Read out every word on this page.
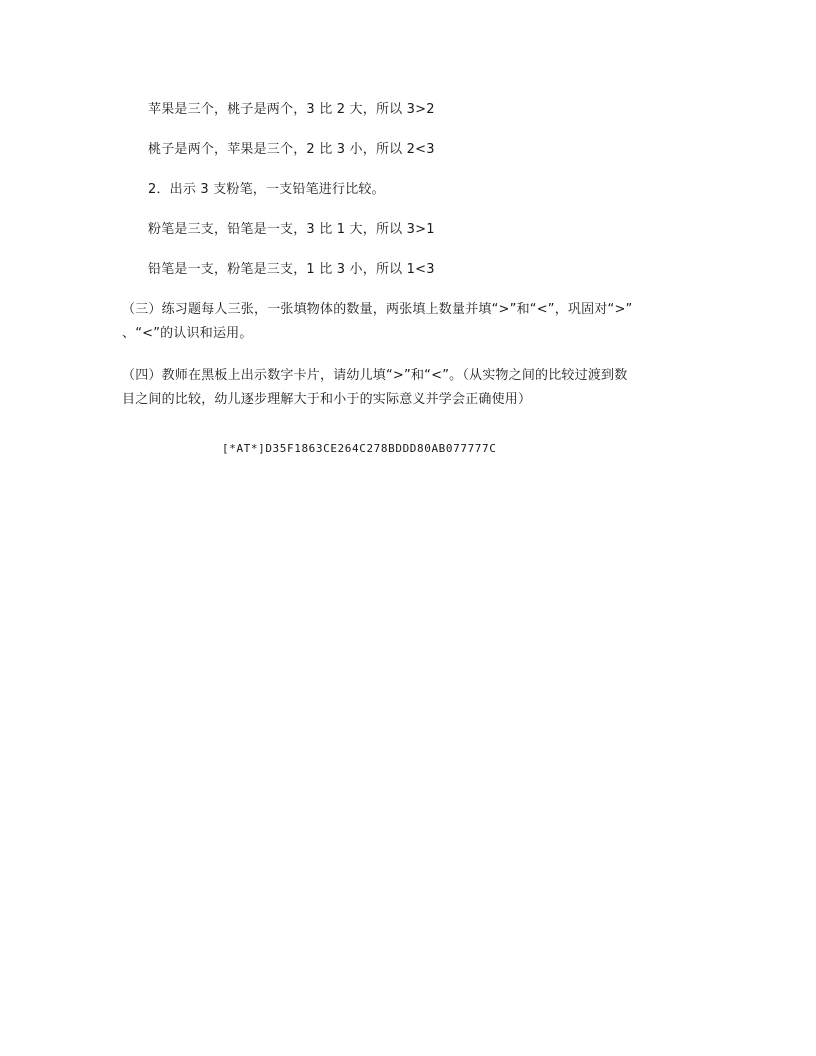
苹果是三个，桃子是两个，3 比 2 大，所以 3>2
桃子是两个，苹果是三个，2 比 3 小，所以 2<3
2．出示 3 支粉笔，一支铅笔进行比较。
粉笔是三支，铅笔是一支，3 比 1 大，所以 3>1
铅笔是一支，粉笔是三支，1 比 3 小，所以 1<3
（三）练习题每人三张，一张填物体的数量，两张填上数量并填“>”和“<”，巩固对“>”
、“<”的认识和运用。
（四）教师在黑板上出示数字卡片，请幼儿填“>”和“<”。（从实物之间的比较过渡到数
目之间的比较，幼儿逐步理解大于和小于的实际意义并学会正确使用）
[*AT*]D35F1863CE264C278BDDD80AB077777C
